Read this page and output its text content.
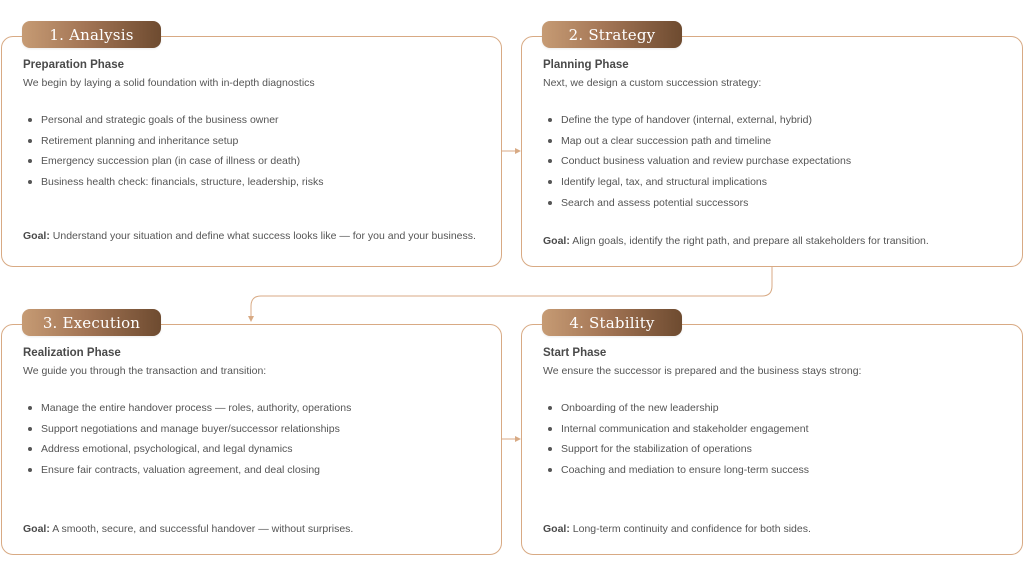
Preparation Phase
We begin by laying a solid foundation with in-depth diagnostics
Personal and strategic goals of the business owner
Retirement planning and inheritance setup
Emergency succession plan (in case of illness or death)
Business health check: financials, structure, leadership, risks
Goal: Understand your situation and define what success looks like — for you and your business.
1. Analysis
Planning Phase
Next, we design a custom succession strategy:
Define the type of handover (internal, external, hybrid)
Map out a clear succession path and timeline
Conduct business valuation and review purchase expectations
Identify legal, tax, and structural implications
Search and assess potential successors
Goal: Align goals, identify the right path, and prepare all stakeholders for transition.
2. Strategy
Realization Phase
We guide you through the transaction and transition:
Manage the entire handover process — roles, authority, operations
Support negotiations and manage buyer/successor relationships
Address emotional, psychological, and legal dynamics
Ensure fair contracts, valuation agreement, and deal closing
Goal: A smooth, secure, and successful handover — without surprises.
3. Execution
Start Phase
We ensure the successor is prepared and the business stays strong:
Onboarding of the new leadership
Internal communication and stakeholder engagement
Support for the stabilization of operations
Coaching and mediation to ensure long-term success
Goal: Long-term continuity and confidence for both sides.
4. Stability
